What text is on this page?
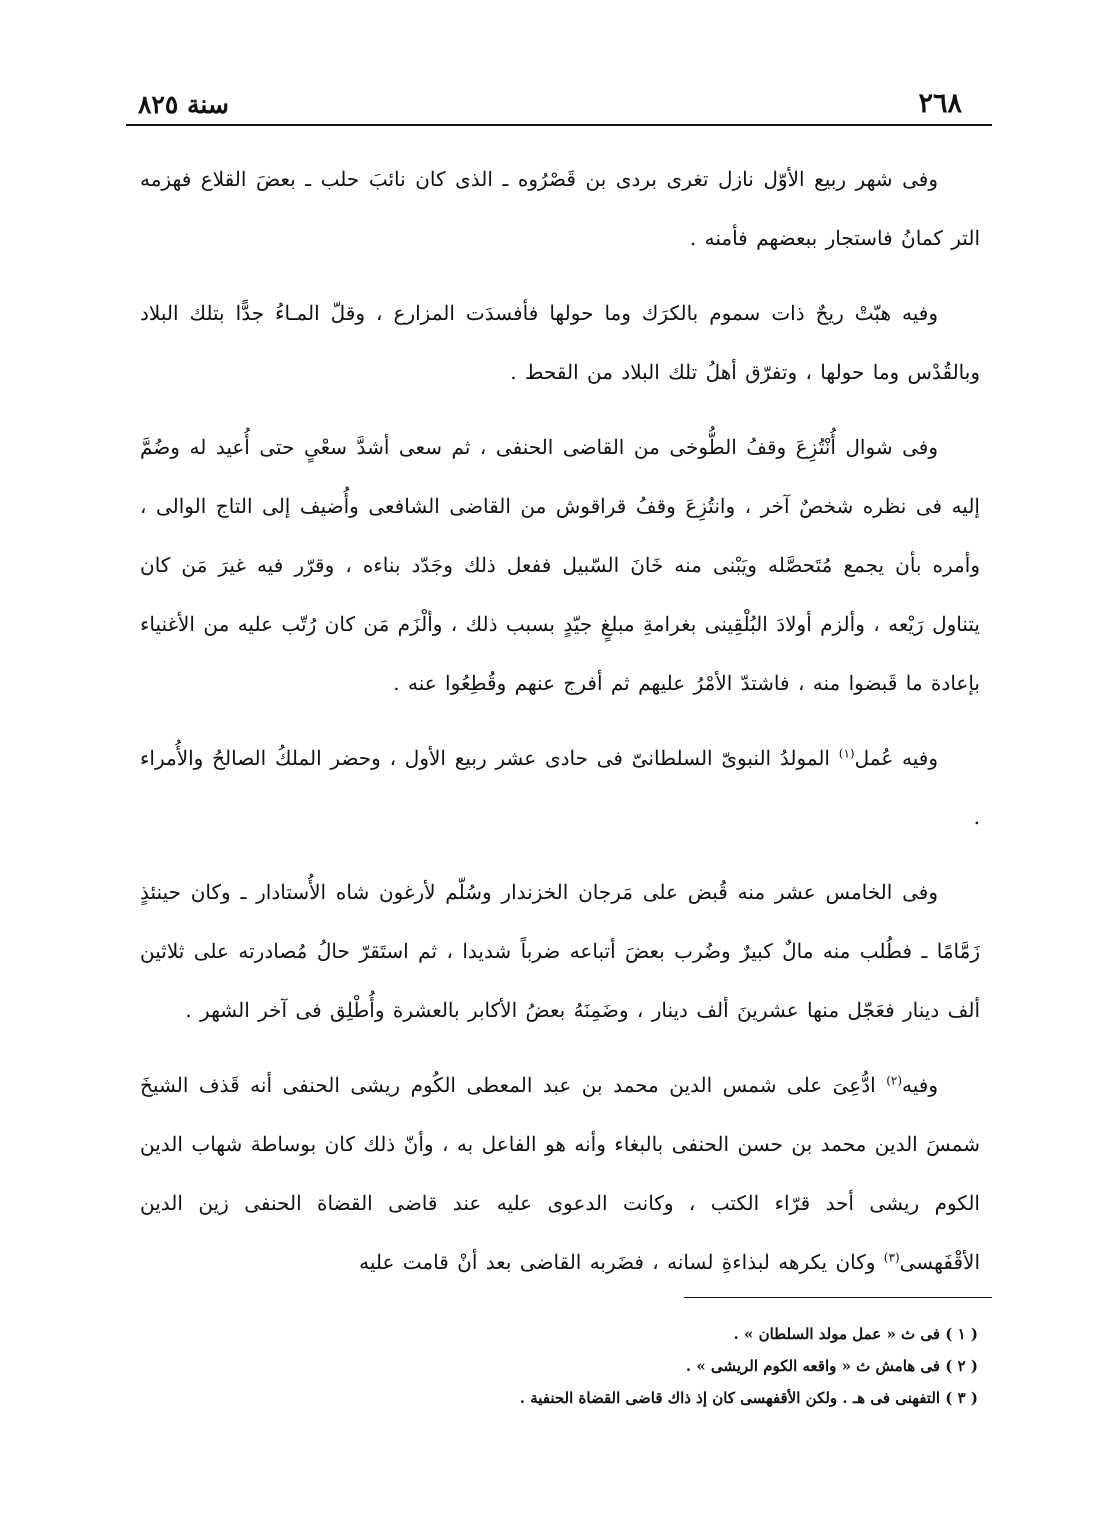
٢٦٨
سنة ٨٢٥

وفى شهر ربيع الأوّل نازل تغرى بردى بن قَصْرُوه ـ الذى كان نائبَ حلب ـ بعضَ القلاع فهزمه التر كمانُ فاستجار ببعضهم فأمنه .

وفيه هبّتْ ريحٌ ذات سموم بالكرَك وما حولها فأفسدَت المزارع ، وقلّ المـاءُ جدًّا بتلك البلاد وبالقُدْس وما حولها ، وتفرّق أهلُ تلك البلاد من القحط .

وفى شوال أُنْتُزِعَ وقفُ الطُّوخى من القاضى الحنفى ، ثم سعى أشدَّ سعْىٍ حتى أُعيد له وضُمَّ إليه فى نظره شخصٌ آخر ، وانتُزِعَ وقفُ قراقوش من القاضى الشافعى وأُضيف إلى التاج الوالى ، وأمره بأن يجمع مُتَحصَّله ويَبْنى منه خَانَ السّبيل ففعل ذلك وجَدّد بناءه ، وقرّر فيه غيرَ مَن كان يتناول رَيْعه ، وألزم أولادَ البُلْقِينى بغرامةِ مبلغٍ جيّدٍ بسبب ذلك ، وألْزَم مَن كان رُتّب عليه من الأغنياء بإعادة ما قَبضوا منه ، فاشتدّ الأمْرُ عليهم ثم أفرج عنهم وقُطِعُوا عنه .

وفيه عُمل$^{(١)}$ المولدُ النبوىّ السلطانىّ فى حادى عشر ربيع الأول ، وحضر الملكُ الصالحُ والأُمراء .

وفى الخامس عشر منه قُبض على مَرجان الخزندار وسُلّم لأرغون شاه الأُستادار ـ وكان حينئذٍ زَمَّامًا ـ فطُلب منه مالٌ كبيرٌ وضُرب بعضَ أتباعه ضرباً شديدا ، ثم استَقرّ حالُ مُصادرته على ثلاثين ألف دينار فعَجّل منها عشرينَ ألف دينار ، وضَمِنَهُ بعضُ الأكابر بالعشرة وأُطْلِق فى آخر الشهر .

وفيه$^{(٢)}$ ادُّعِىَ على شمس الدين محمد بن عبد المعطى الكُوم ريشى الحنفى أنه قَذف الشيخَ شمسَ الدين محمد بن حسن الحنفى بالبغاء وأنه هو الفاعل به ، وأنّ ذلك كان بوساطة شهاب الدين الكوم ريشى أحد قرّاء الكتب ، وكانت الدعوى عليه عند قاضى القضاة الحنفى زين الدين الأقْفَهسى$^{(٣)}$ وكان يكرهه لبذاءةِ لسانه ، فضَربه القاضى بعد أنْ قامت عليه

( ١ ) فى ث « عمل مولد السلطان » .
( ٢ ) فى هامش ث « واقعه الكوم الريشى » .
( ٣ ) التفهنى فى هـ . ولكن الأقفهسى كان إذ ذاك قاضى القضاة الحنفية .
